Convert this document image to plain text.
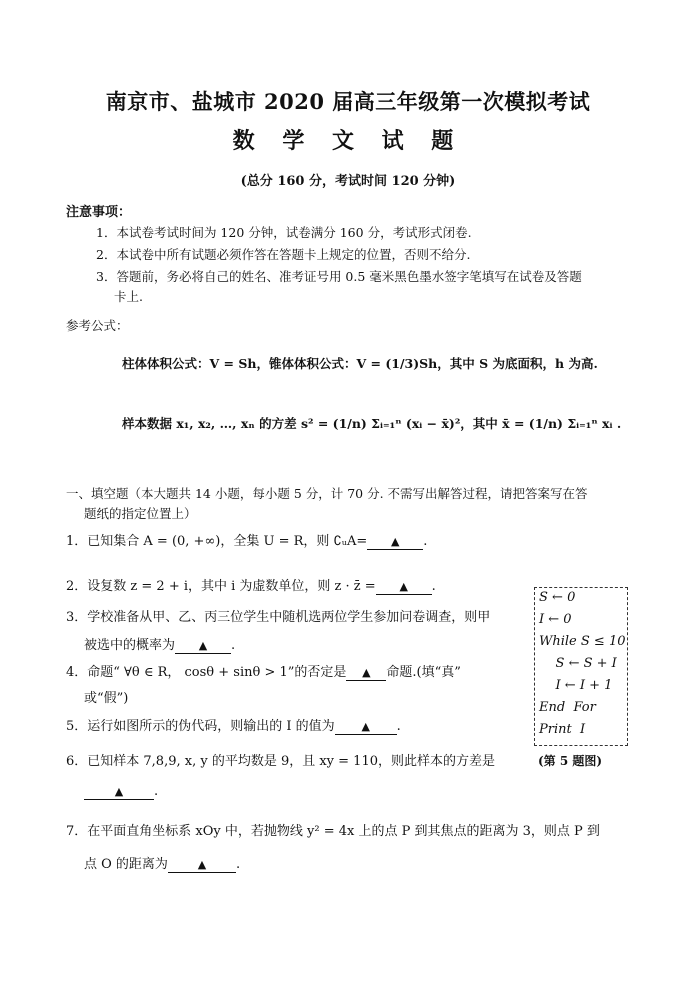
南京市、盐城市 2020 届高三年级第一次模拟考试
数 学 文 试 题
(总分 160 分，考试时间 120 分钟)
注意事项：
1．本试卷考试时间为 120 分钟，试卷满分 160 分，考试形式闭卷.
2．本试卷中所有试题必须作答在答题卡上规定的位置，否则不给分.
3．答题前，务必将自己的姓名、准考证号用 0.5 毫米黑色墨水签字笔填写在试卷及答题
卡上.
参考公式：
柱体体积公式：V = Sh，锥体体积公式：V = (1/3)Sh，其中 S 为底面积，h 为高.
样本数据 x₁, x₂, …, xₙ 的方差 s² = (1/n) Σᵢ₌₁ⁿ (xᵢ − x̄)²，其中 x̄ = (1/n) Σᵢ₌₁ⁿ xᵢ .
一、填空题（本大题共 14 小题，每小题 5 分，计 70 分. 不需写出解答过程，请把答案写在答
题纸的指定位置上）
1．已知集合 A = (0, +∞)，全集 U = R，则 ∁ᵤA= ▲ .
2．设复数 z = 2 + i，其中 i 为虚数单位，则 z · z̄ = ▲ .
3．学校准备从甲、乙、丙三位学生中随机选两位学生参加问卷调查，则甲
被选中的概率为 ▲ .
4．命题“ ∀θ ∈ R， cosθ + sinθ > 1”的否定是 ▲ 命题.(填“真”
或“假”)
5．运行如图所示的伪代码，则输出的 I 的值为 ▲ .
6．已知样本 7,8,9, x, y 的平均数是 9，且 xy = 110，则此样本的方差是
▲ .
7．在平面直角坐标系 xOy 中，若抛物线 y² = 4x 上的点 P 到其焦点的距离为 3，则点 P 到
点 O 的距离为	▲ .
S ← 0
I ← 0
While S ≤ 10
S ← S + I
I ← I + 1
End  For
Print  I
(第 5 题图)
